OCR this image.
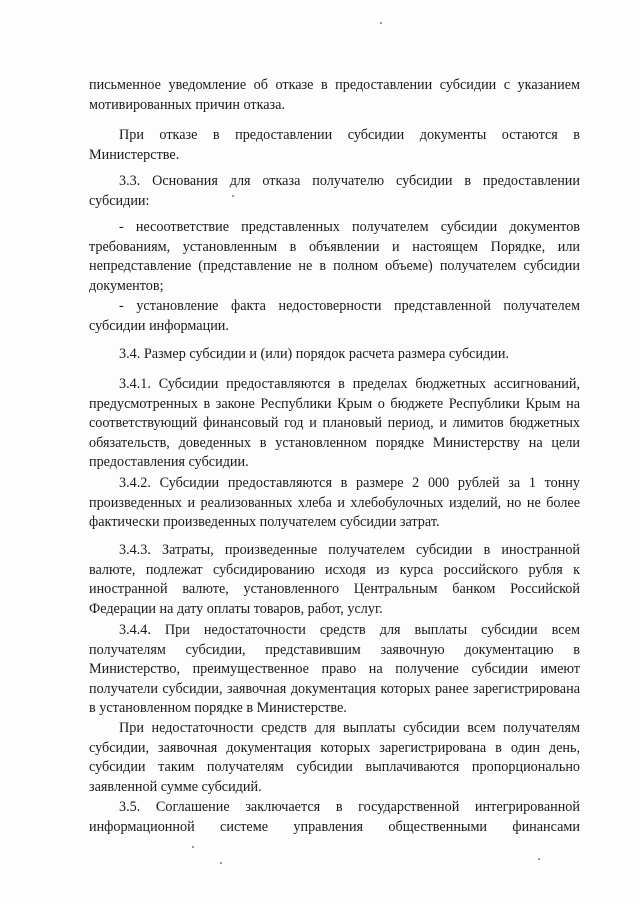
письменное уведомление об отказе в предоставлении субсидии с указанием мотивированных причин отказа.

При отказе в предоставлении субсидии документы остаются в Министерстве.

3.3. Основания для отказа получателю субсидии в предоставлении субсидии:

- несоответствие представленных получателем субсидии документов требованиям, установленным в объявлении и настоящем Порядке, или непредставление (представление не в полном объеме) получателем субсидии документов;

- установление факта недостоверности представленной получателем субсидии информации.

3.4. Размер субсидии и (или) порядок расчета размера субсидии.

3.4.1. Субсидии предоставляются в пределах бюджетных ассигнований, предусмотренных в законе Республики Крым о бюджете Республики Крым на соответствующий финансовый год и плановый период, и лимитов бюджетных обязательств, доведенных в установленном порядке Министерству на цели предоставления субсидии.

3.4.2. Субсидии предоставляются в размере 2 000 рублей за 1 тонну произведенных и реализованных хлеба и хлебобулочных изделий, но не более фактически произведенных получателем субсидии затрат.

3.4.3. Затраты, произведенные получателем субсидии в иностранной валюте, подлежат субсидированию исходя из курса российского рубля к иностранной валюте, установленного Центральным банком Российской Федерации на дату оплаты товаров, работ, услуг.

3.4.4. При недостаточности средств для выплаты субсидии всем получателям субсидии, представившим заявочную документацию в Министерство, преимущественное право на получение субсидии имеют получатели субсидии, заявочная документация которых ранее зарегистрирована в установленном порядке в Министерстве.

При недостаточности средств для выплаты субсидии всем получателям субсидии, заявочная документация которых зарегистрирована в один день, субсидии таким получателям субсидии выплачиваются пропорционально заявленной сумме субсидий.

3.5. Соглашение заключается в государственной интегрированной информационной системе управления общественными финансами
